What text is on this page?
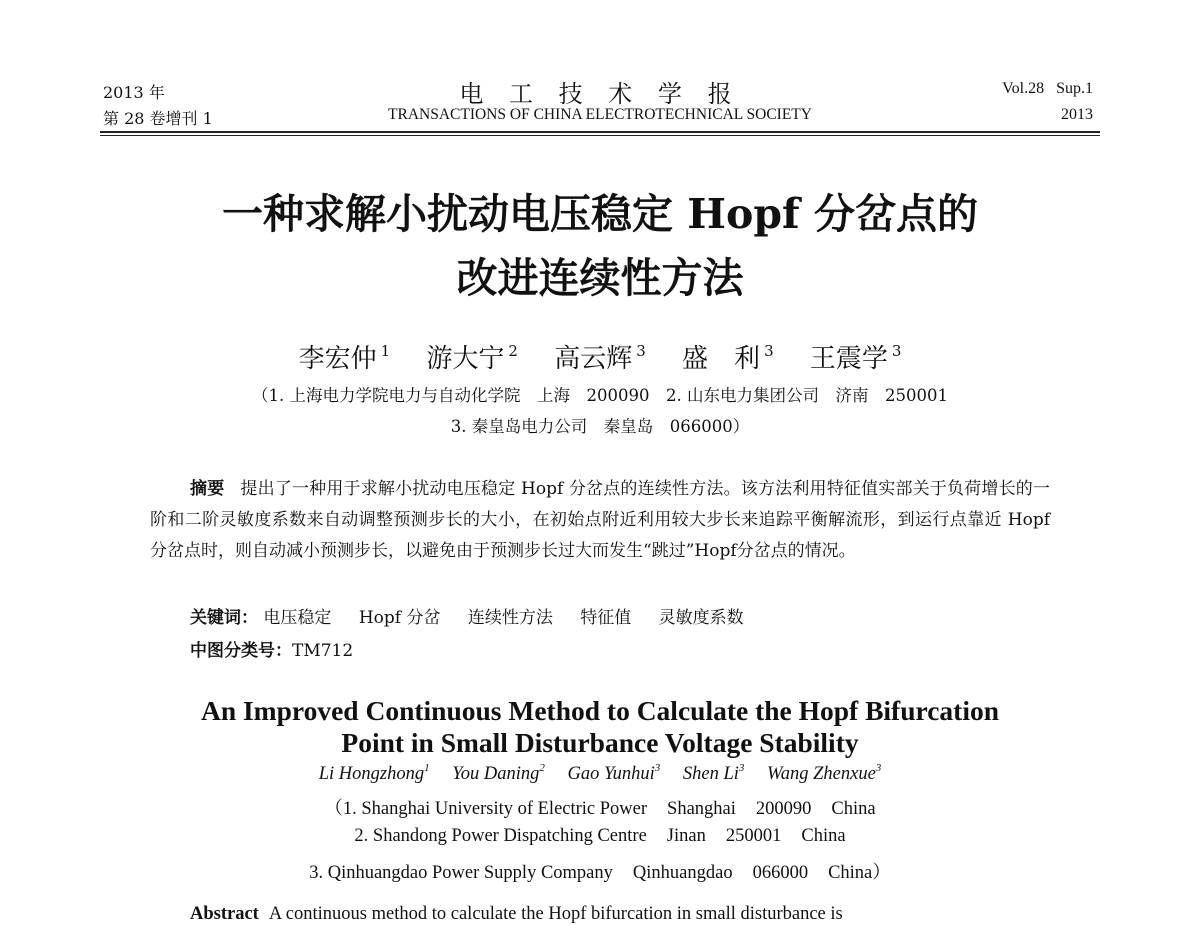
2013 年
第 28 卷增刊 1
电 工 技 术 学 报
TRANSACTIONS OF CHINA ELECTROTECHNICAL SOCIETY
Vol.28   Sup.1
2013
一种求解小扰动电压稳定 Hopf 分岔点的
改进连续性方法
李宏仲 $^1$ 游大宁 $^2$ 高云辉 $^3$ 盛　利 $^3$ 王震学 $^3$
（1. 上海电力学院电力与自动化学院　上海　200090　2. 山东电力集团公司　济南　250001
3. 秦皇岛电力公司　秦皇岛　066000）
摘要 提出了一种用于求解小扰动电压稳定 Hopf 分岔点的连续性方法。该方法利用特征值实部关于负荷增长的一阶和二阶灵敏度系数来自动调整预测步长的大小，在初始点附近利用较大步长来追踪平衡解流形，到运行点靠近 Hopf 分岔点时，则自动减小预测步长，以避免由于预测步长过大而发生“跳过”Hopf分岔点的情况。
关键词： 电压稳定 Hopf 分岔 连续性方法 特征值 灵敏度系数
中图分类号：TM712
An Improved Continuous Method to Calculate the Hopf Bifurcation
Point in Small Disturbance Voltage Stability
Li Hongzhong$^1$ You Daning$^2$ Gao Yunhui$^3$ Shen Li$^3$ Wang Zhenxue$^3$
（1. Shanghai University of Electric Power Shanghai 200090 China
2. Shandong Power Dispatching Centre Jinan 250001 China
3. Qinhuangdao Power Supply Company Qinhuangdao 066000 China）
Abstract A continuous method to calculate the Hopf bifurcation in small disturbance is
